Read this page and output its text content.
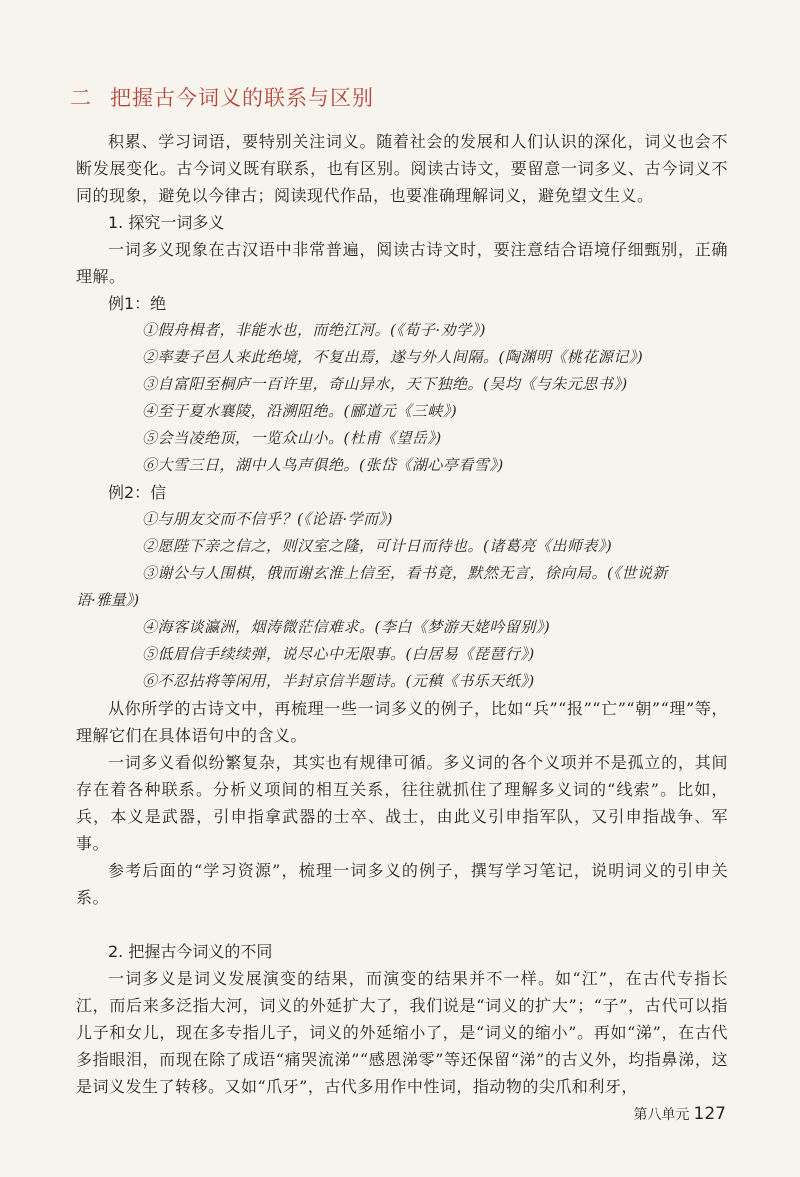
二 把握古今词义的联系与区别

积累、学习词语，要特别关注词义。随着社会的发展和人们认识的深化，词义也会不断发展变化。古今词义既有联系，也有区别。阅读古诗文，要留意一词多义、古今词义不同的现象，避免以今律古；阅读现代作品，也要准确理解词义，避免望文生义。

1. 探究一词多义

一词多义现象在古汉语中非常普遍，阅读古诗文时，要注意结合语境仔细甄别，正确理解。

例1：绝

①假舟楫者，非能水也，而绝江河。(《荀子·劝学》)

②率妻子邑人来此绝境，不复出焉，遂与外人间隔。(陶渊明《桃花源记》)

③自富阳至桐庐一百许里，奇山异水，天下独绝。(吴均《与朱元思书》)

④至于夏水襄陵，沿溯阻绝。(郦道元《三峡》)

⑤会当凌绝顶，一览众山小。(杜甫《望岳》)

⑥大雪三日，湖中人鸟声俱绝。(张岱《湖心亭看雪》)

例2：信

①与朋友交而不信乎？(《论语·学而》)

②愿陛下亲之信之，则汉室之隆，可计日而待也。(诸葛亮《出师表》)

③谢公与人围棋，俄而谢玄淮上信至，看书竟，默然无言，徐向局。(《世说新

语·雅量》)

④海客谈瀛洲，烟涛微茫信难求。(李白《梦游天姥吟留别》)

⑤低眉信手续续弹，说尽心中无限事。(白居易《琵琶行》)

⑥不忍拈将等闲用，半封京信半题诗。(元稹《书乐天纸》)

从你所学的古诗文中，再梳理一些一词多义的例子，比如“兵”“报”“亡”“朝”“理”等，理解它们在具体语句中的含义。

一词多义看似纷繁复杂，其实也有规律可循。多义词的各个义项并不是孤立的，其间存在着各种联系。分析义项间的相互关系，往往就抓住了理解多义词的“线索”。比如，兵，本义是武器，引申指拿武器的士卒、战士，由此义引申指军队，又引申指战争、军事。

参考后面的“学习资源”，梳理一词多义的例子，撰写学习笔记，说明词义的引申关系。

2. 把握古今词义的不同

一词多义是词义发展演变的结果，而演变的结果并不一样。如“江”，在古代专指长江，而后来多泛指大河，词义的外延扩大了，我们说是“词义的扩大”；“子”，古代可以指儿子和女儿，现在多专指儿子，词义的外延缩小了，是“词义的缩小”。再如“涕”，在古代多指眼泪，而现在除了成语“痛哭流涕”“感恩涕零”等还保留“涕”的古义外，均指鼻涕，这是词义发生了转移。又如“爪牙”，古代多用作中性词，指动物的尖爪和利牙，

第八单元 127
